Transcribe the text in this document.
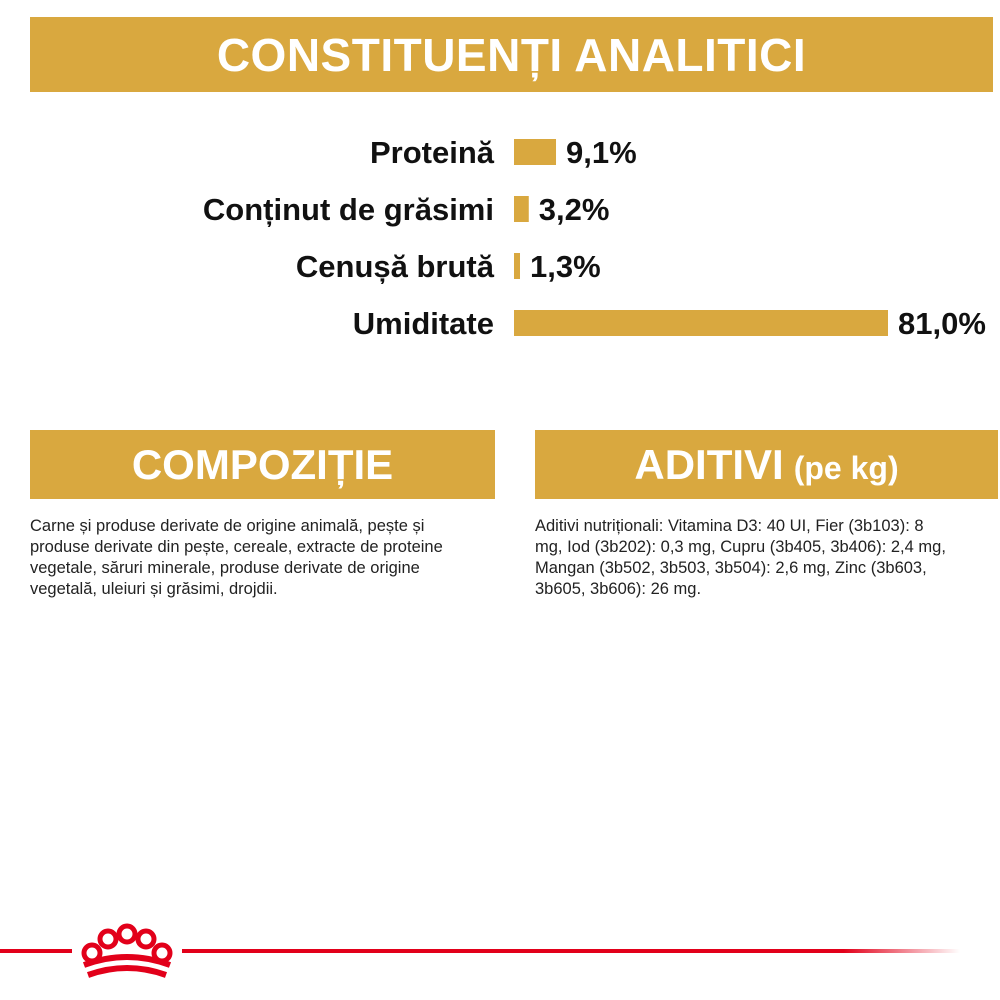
CONSTITUENȚI ANALITICI
Proteină 9,1%
Conținut de grăsimi 3,2%
Cenușă brută 1,3%
Umiditate	81,0%
COMPOZIȚIE	ADITIVI (pe kg)

Carne și produse derivate de origine animală, pește și produse derivate din pește, cereale, extracte de proteine vegetale, săruri minerale, produse derivate de origine vegetală, uleiuri și grăsimi, drojdii.

Aditivi nutriționali: Vitamina D3: 40 UI, Fier (3b103): 8 mg, Iod (3b202): 0,3 mg, Cupru (3b405, 3b406): 2,4 mg, Mangan (3b502, 3b503, 3b504): 2,6 mg, Zinc (3b603, 3b605, 3b606): 26 mg.
